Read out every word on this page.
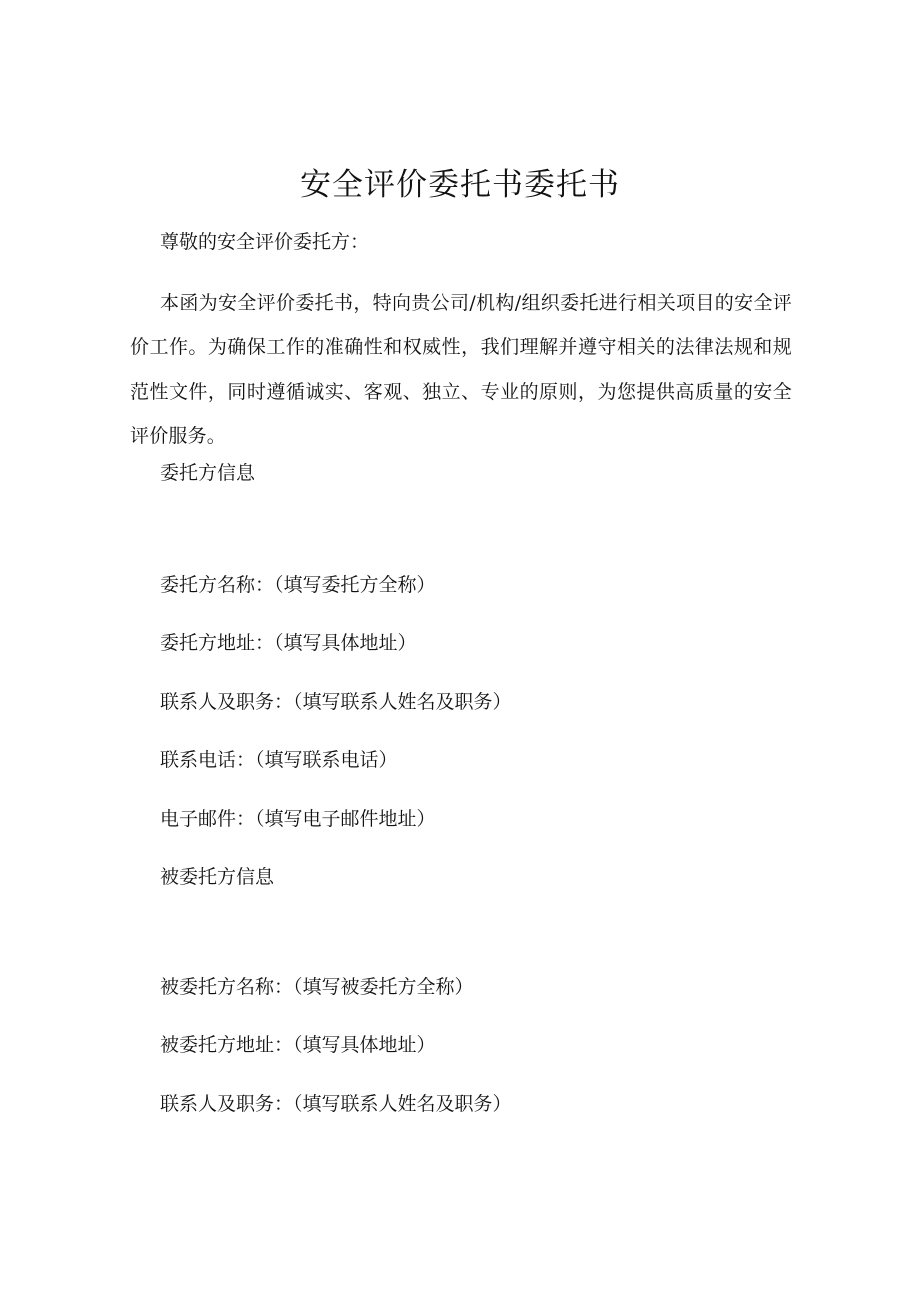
安全评价委托书委托书
尊敬的安全评价委托方：
本函为安全评价委托书，特向贵公司/机构/组织委托进行相关项目的安全评价工作。为确保工作的准确性和权威性，我们理解并遵守相关的法律法规和规范性文件，同时遵循诚实、客观、独立、专业的原则，为您提供高质量的安全评价服务。
委托方信息
委托方名称：（填写委托方全称）
委托方地址：（填写具体地址）
联系人及职务：（填写联系人姓名及职务）
联系电话：（填写联系电话）
电子邮件：（填写电子邮件地址）
被委托方信息
被委托方名称：（填写被委托方全称）
被委托方地址：（填写具体地址）
联系人及职务：（填写联系人姓名及职务）
